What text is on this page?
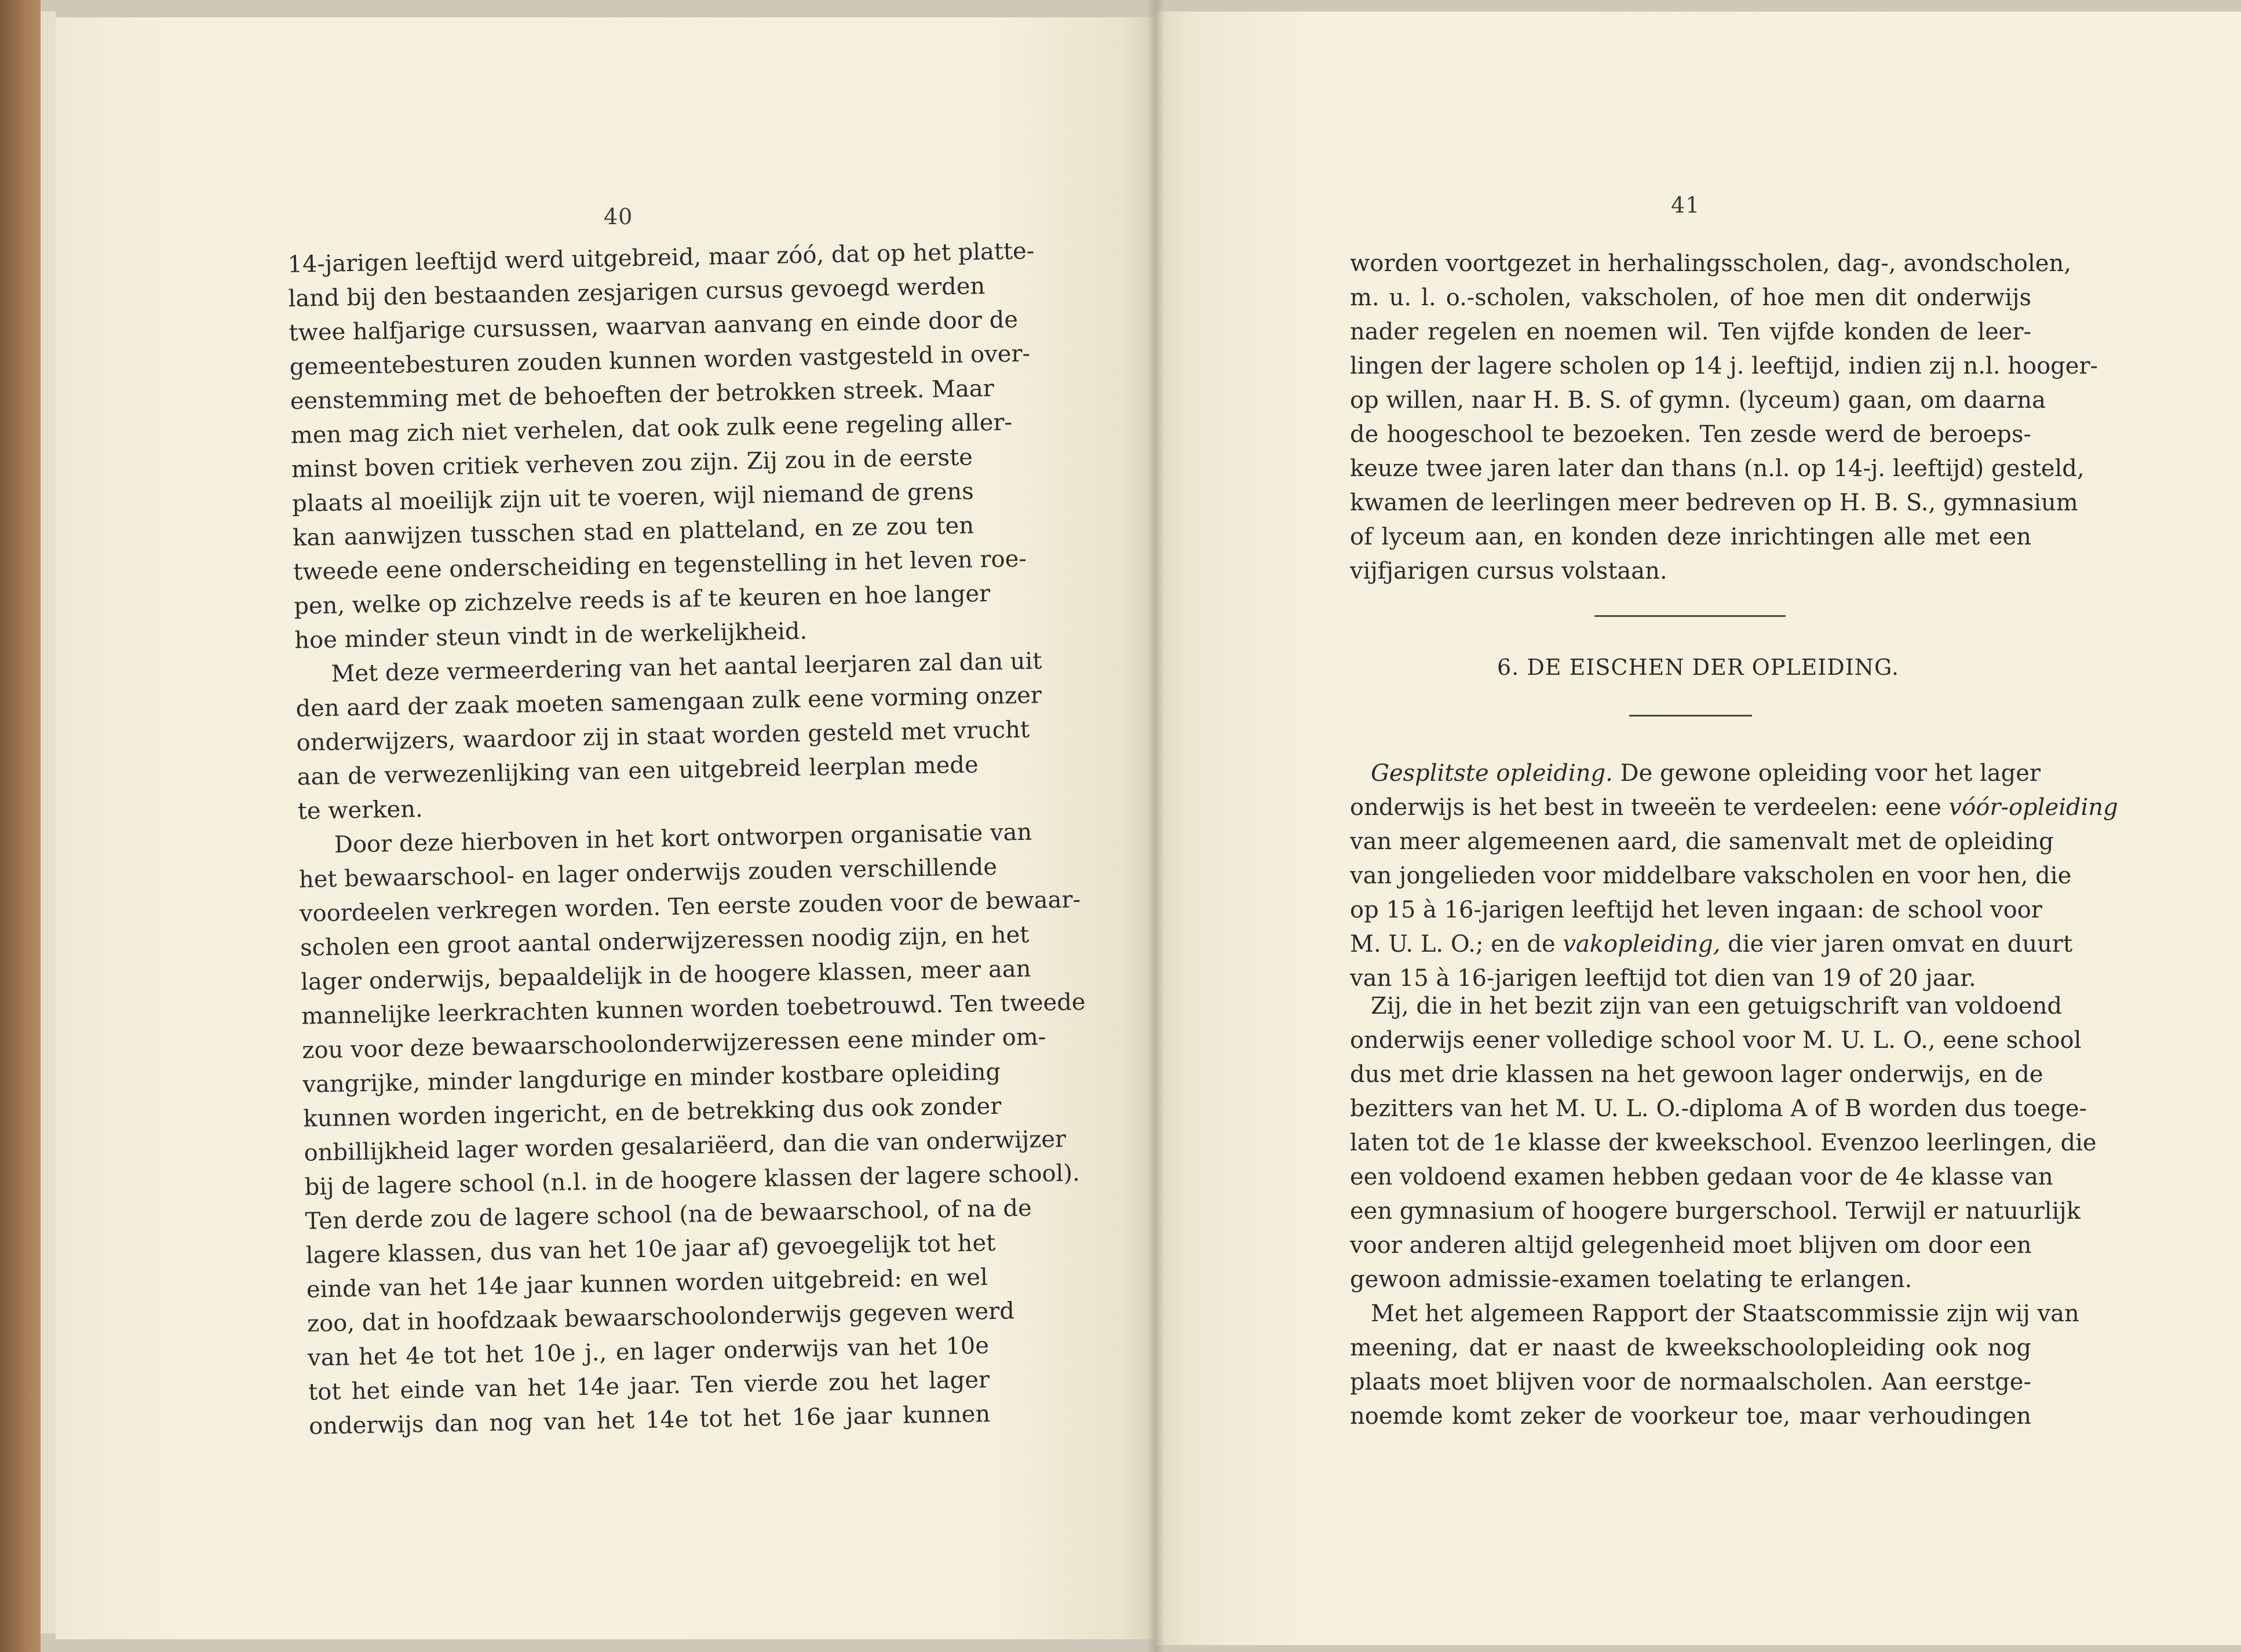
40
14-jarigen leeftijd werd uitgebreid, maar zóó, dat op het platte-
land bij den bestaanden zesjarigen cursus gevoegd werden
twee halfjarige cursussen, waarvan aanvang en einde door de
gemeentebesturen zouden kunnen worden vastgesteld in over-
eenstemming met de behoeften der betrokken streek. Maar
men mag zich niet verhelen, dat ook zulk eene regeling aller-
minst boven critiek verheven zou zijn. Zij zou in de eerste
plaats al moeilijk zijn uit te voeren, wijl niemand de grens
kan aanwijzen tusschen stad en platteland, en ze zou ten
tweede eene onderscheiding en tegenstelling in het leven roe-
pen, welke op zichzelve reeds is af te keuren en hoe langer
hoe minder steun vindt in de werkelijkheid.
Met deze vermeerdering van het aantal leerjaren zal dan uit
den aard der zaak moeten samengaan zulk eene vorming onzer
onderwijzers, waardoor zij in staat worden gesteld met vrucht
aan de verwezenlijking van een uitgebreid leerplan mede
te werken.
Door deze hierboven in het kort ontworpen organisatie van
het bewaarschool- en lager onderwijs zouden verschillende
voordeelen verkregen worden. Ten eerste zouden voor de bewaar-
scholen een groot aantal onderwijzeressen noodig zijn, en het
lager onderwijs, bepaaldelijk in de hoogere klassen, meer aan
mannelijke leerkrachten kunnen worden toebetrouwd. Ten tweede
zou voor deze bewaarschoolonderwijzeressen eene minder om-
vangrijke, minder langdurige en minder kostbare opleiding
kunnen worden ingericht, en de betrekking dus ook zonder
onbillijkheid lager worden gesalariëerd, dan die van onderwijzer
bij de lagere school (n.l. in de hoogere klassen der lagere school).
Ten derde zou de lagere school (na de bewaarschool, of na de
lagere klassen, dus van het 10e jaar af) gevoegelijk tot het
einde van het 14e jaar kunnen worden uitgebreid: en wel
zoo, dat in hoofdzaak bewaarschoolonderwijs gegeven werd
van het 4e tot het 10e j., en lager onderwijs van het 10e
tot het einde van het 14e jaar. Ten vierde zou het lager
onderwijs dan nog van het 14e tot het 16e jaar kunnen
41
worden voortgezet in herhalingsscholen, dag-, avondscholen,
m. u. l. o.-scholen, vakscholen, of hoe men dit onderwijs
nader regelen en noemen wil. Ten vijfde konden de leer-
lingen der lagere scholen op 14 j. leeftijd, indien zij n.l. hooger-
op willen, naar H. B. S. of gymn. (lyceum) gaan, om daarna
de hoogeschool te bezoeken. Ten zesde werd de beroeps-
keuze twee jaren later dan thans (n.l. op 14-j. leeftijd) gesteld,
kwamen de leerlingen meer bedreven op H. B. S., gymnasium
of lyceum aan, en konden deze inrichtingen alle met een
vijfjarigen cursus volstaan.
6. DE EISCHEN DER OPLEIDING.
Gesplitste opleiding. De gewone opleiding voor het lager
onderwijs is het best in tweeën te verdeelen: eene vóór-opleiding
van meer algemeenen aard, die samenvalt met de opleiding
van jongelieden voor middelbare vakscholen en voor hen, die
op 15 à 16-jarigen leeftijd het leven ingaan: de school voor
M. U. L. O.; en de vakopleiding, die vier jaren omvat en duurt
van 15 à 16-jarigen leeftijd tot dien van 19 of 20 jaar.
Zij, die in het bezit zijn van een getuigschrift van voldoend
onderwijs eener volledige school voor M. U. L. O., eene school
dus met drie klassen na het gewoon lager onderwijs, en de
bezitters van het M. U. L. O.-diploma A of B worden dus toege-
laten tot de 1e klasse der kweekschool. Evenzoo leerlingen, die
een voldoend examen hebben gedaan voor de 4e klasse van
een gymnasium of hoogere burgerschool. Terwijl er natuurlijk
voor anderen altijd gelegenheid moet blijven om door een
gewoon admissie-examen toelating te erlangen.
Met het algemeen Rapport der Staatscommissie zijn wij van
meening, dat er naast de kweekschoolopleiding ook nog
plaats moet blijven voor de normaalscholen. Aan eerstge-
noemde komt zeker de voorkeur toe, maar verhoudingen
